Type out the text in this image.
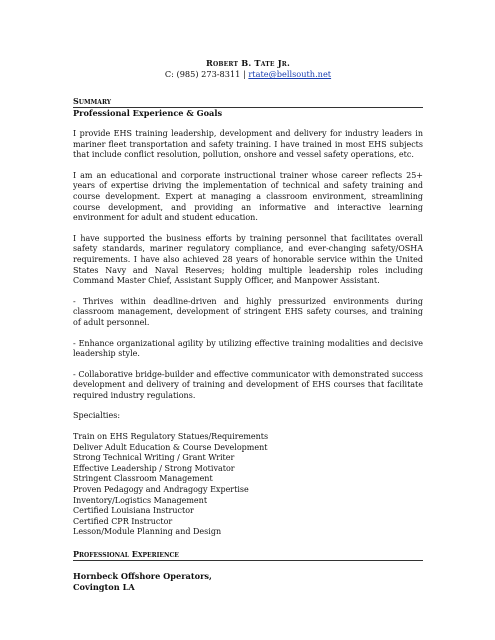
Robert B. Tate Jr.
C: (985) 273-8311 | rtate@bellsouth.net
Summary
Professional Experience & Goals

I provide EHS training leadership, development and delivery for industry leaders in mariner fleet transportation and safety training. I have trained in most EHS subjects that include conflict resolution, pollution, onshore and vessel safety operations, etc.

I am an educational and corporate instructional trainer whose career reflects 25+ years of expertise driving the implementation of technical and safety training and course development. Expert at managing a classroom environment, streamlining course development, and providing an informative and interactive learning environment for adult and student education.

I have supported the business efforts by training personnel that facilitates overall safety standards, mariner regulatory compliance, and ever-changing safety/OSHA requirements. I have also achieved 28 years of honorable service within the United States Navy and Naval Reserves; holding multiple leadership roles including Command Master Chief, Assistant Supply Officer, and Manpower Assistant.

- Thrives within deadline-driven and highly pressurized environments during classroom management, development of stringent EHS safety courses, and training of adult personnel.

- Enhance organizational agility by utilizing effective training modalities and decisive leadership style.

- Collaborative bridge-builder and effective communicator with demonstrated success development and delivery of training and development of EHS courses that facilitate required industry regulations.

Specialties:
Train on EHS Regulatory Statues/Requirements
Deliver Adult Education & Course Development
Strong Technical Writing / Grant Writer
Effective Leadership / Strong Motivator
Stringent Classroom Management
Proven Pedagogy and Andragogy Expertise
Inventory/Logistics Management
Certified Louisiana Instructor
Certified CPR Instructor
Lesson/Module Planning and Design
Professional Experience
Hornbeck Offshore Operators,
Covington LA
